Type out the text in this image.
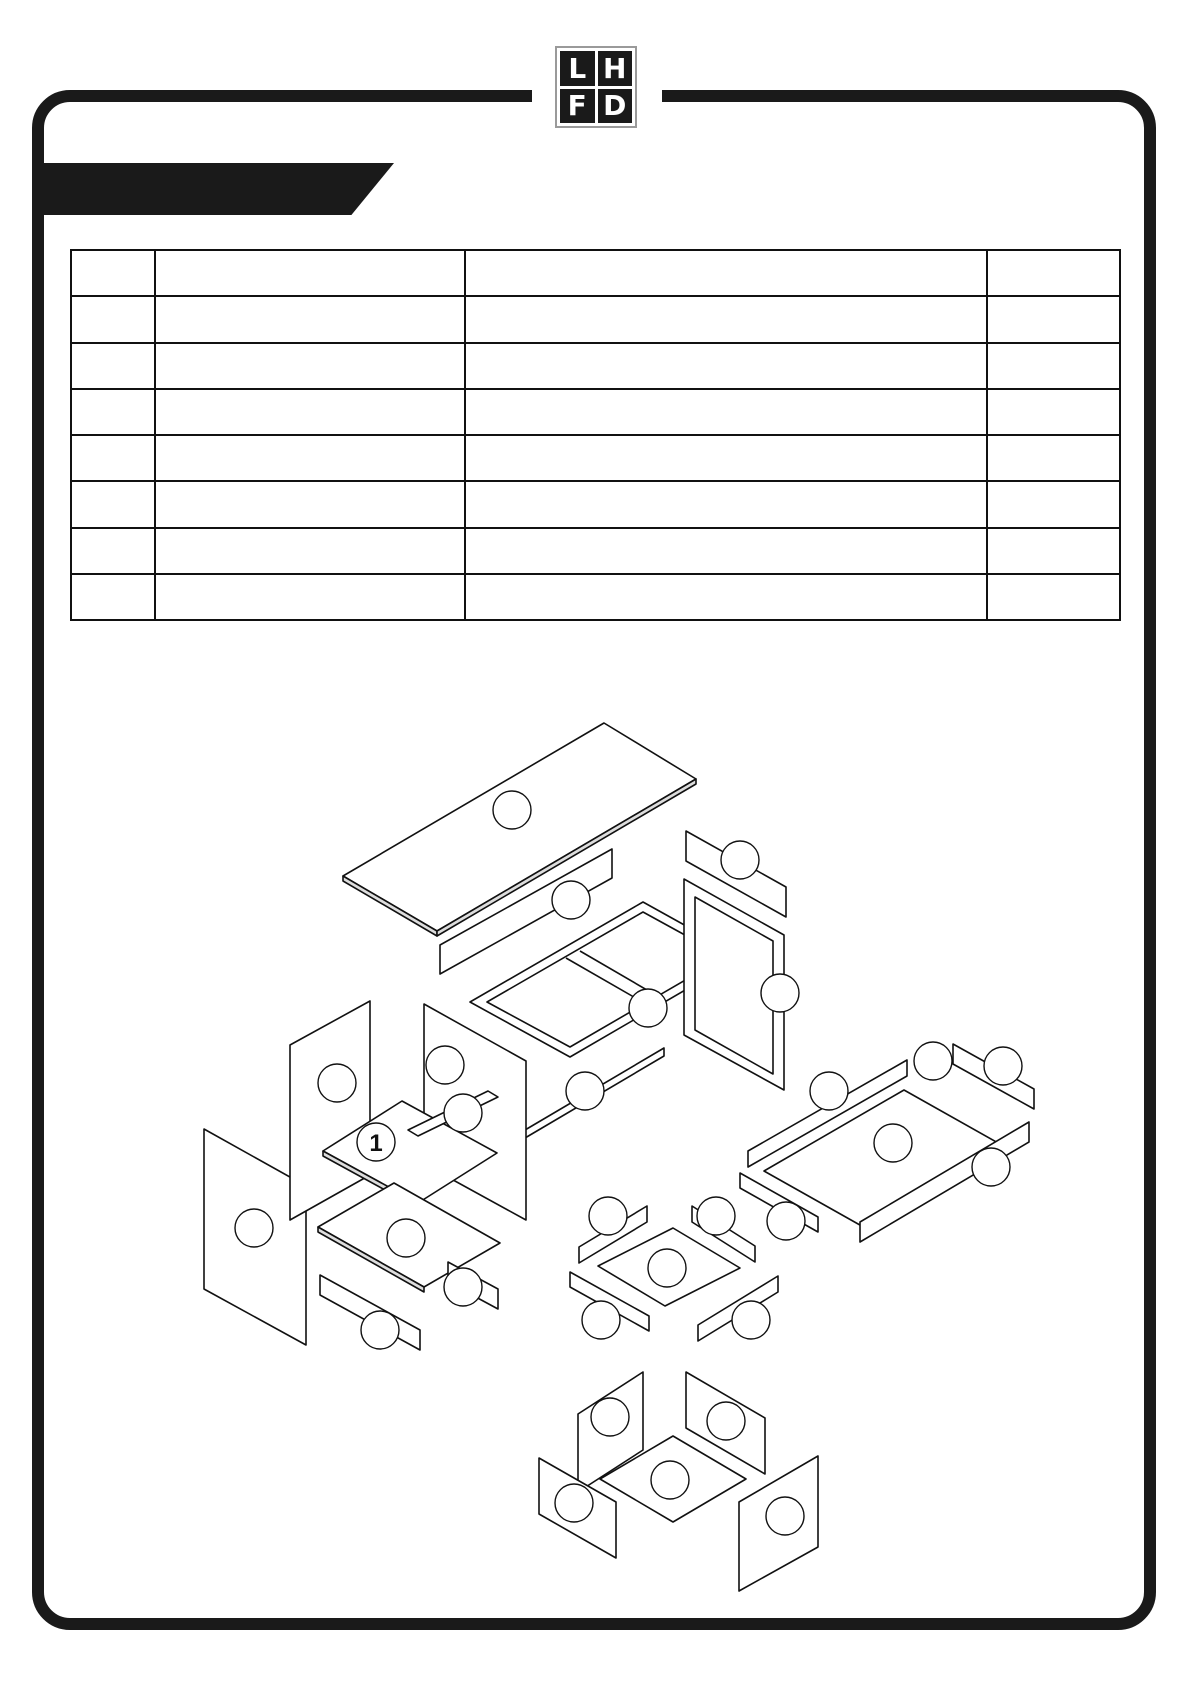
L H
F D

1
